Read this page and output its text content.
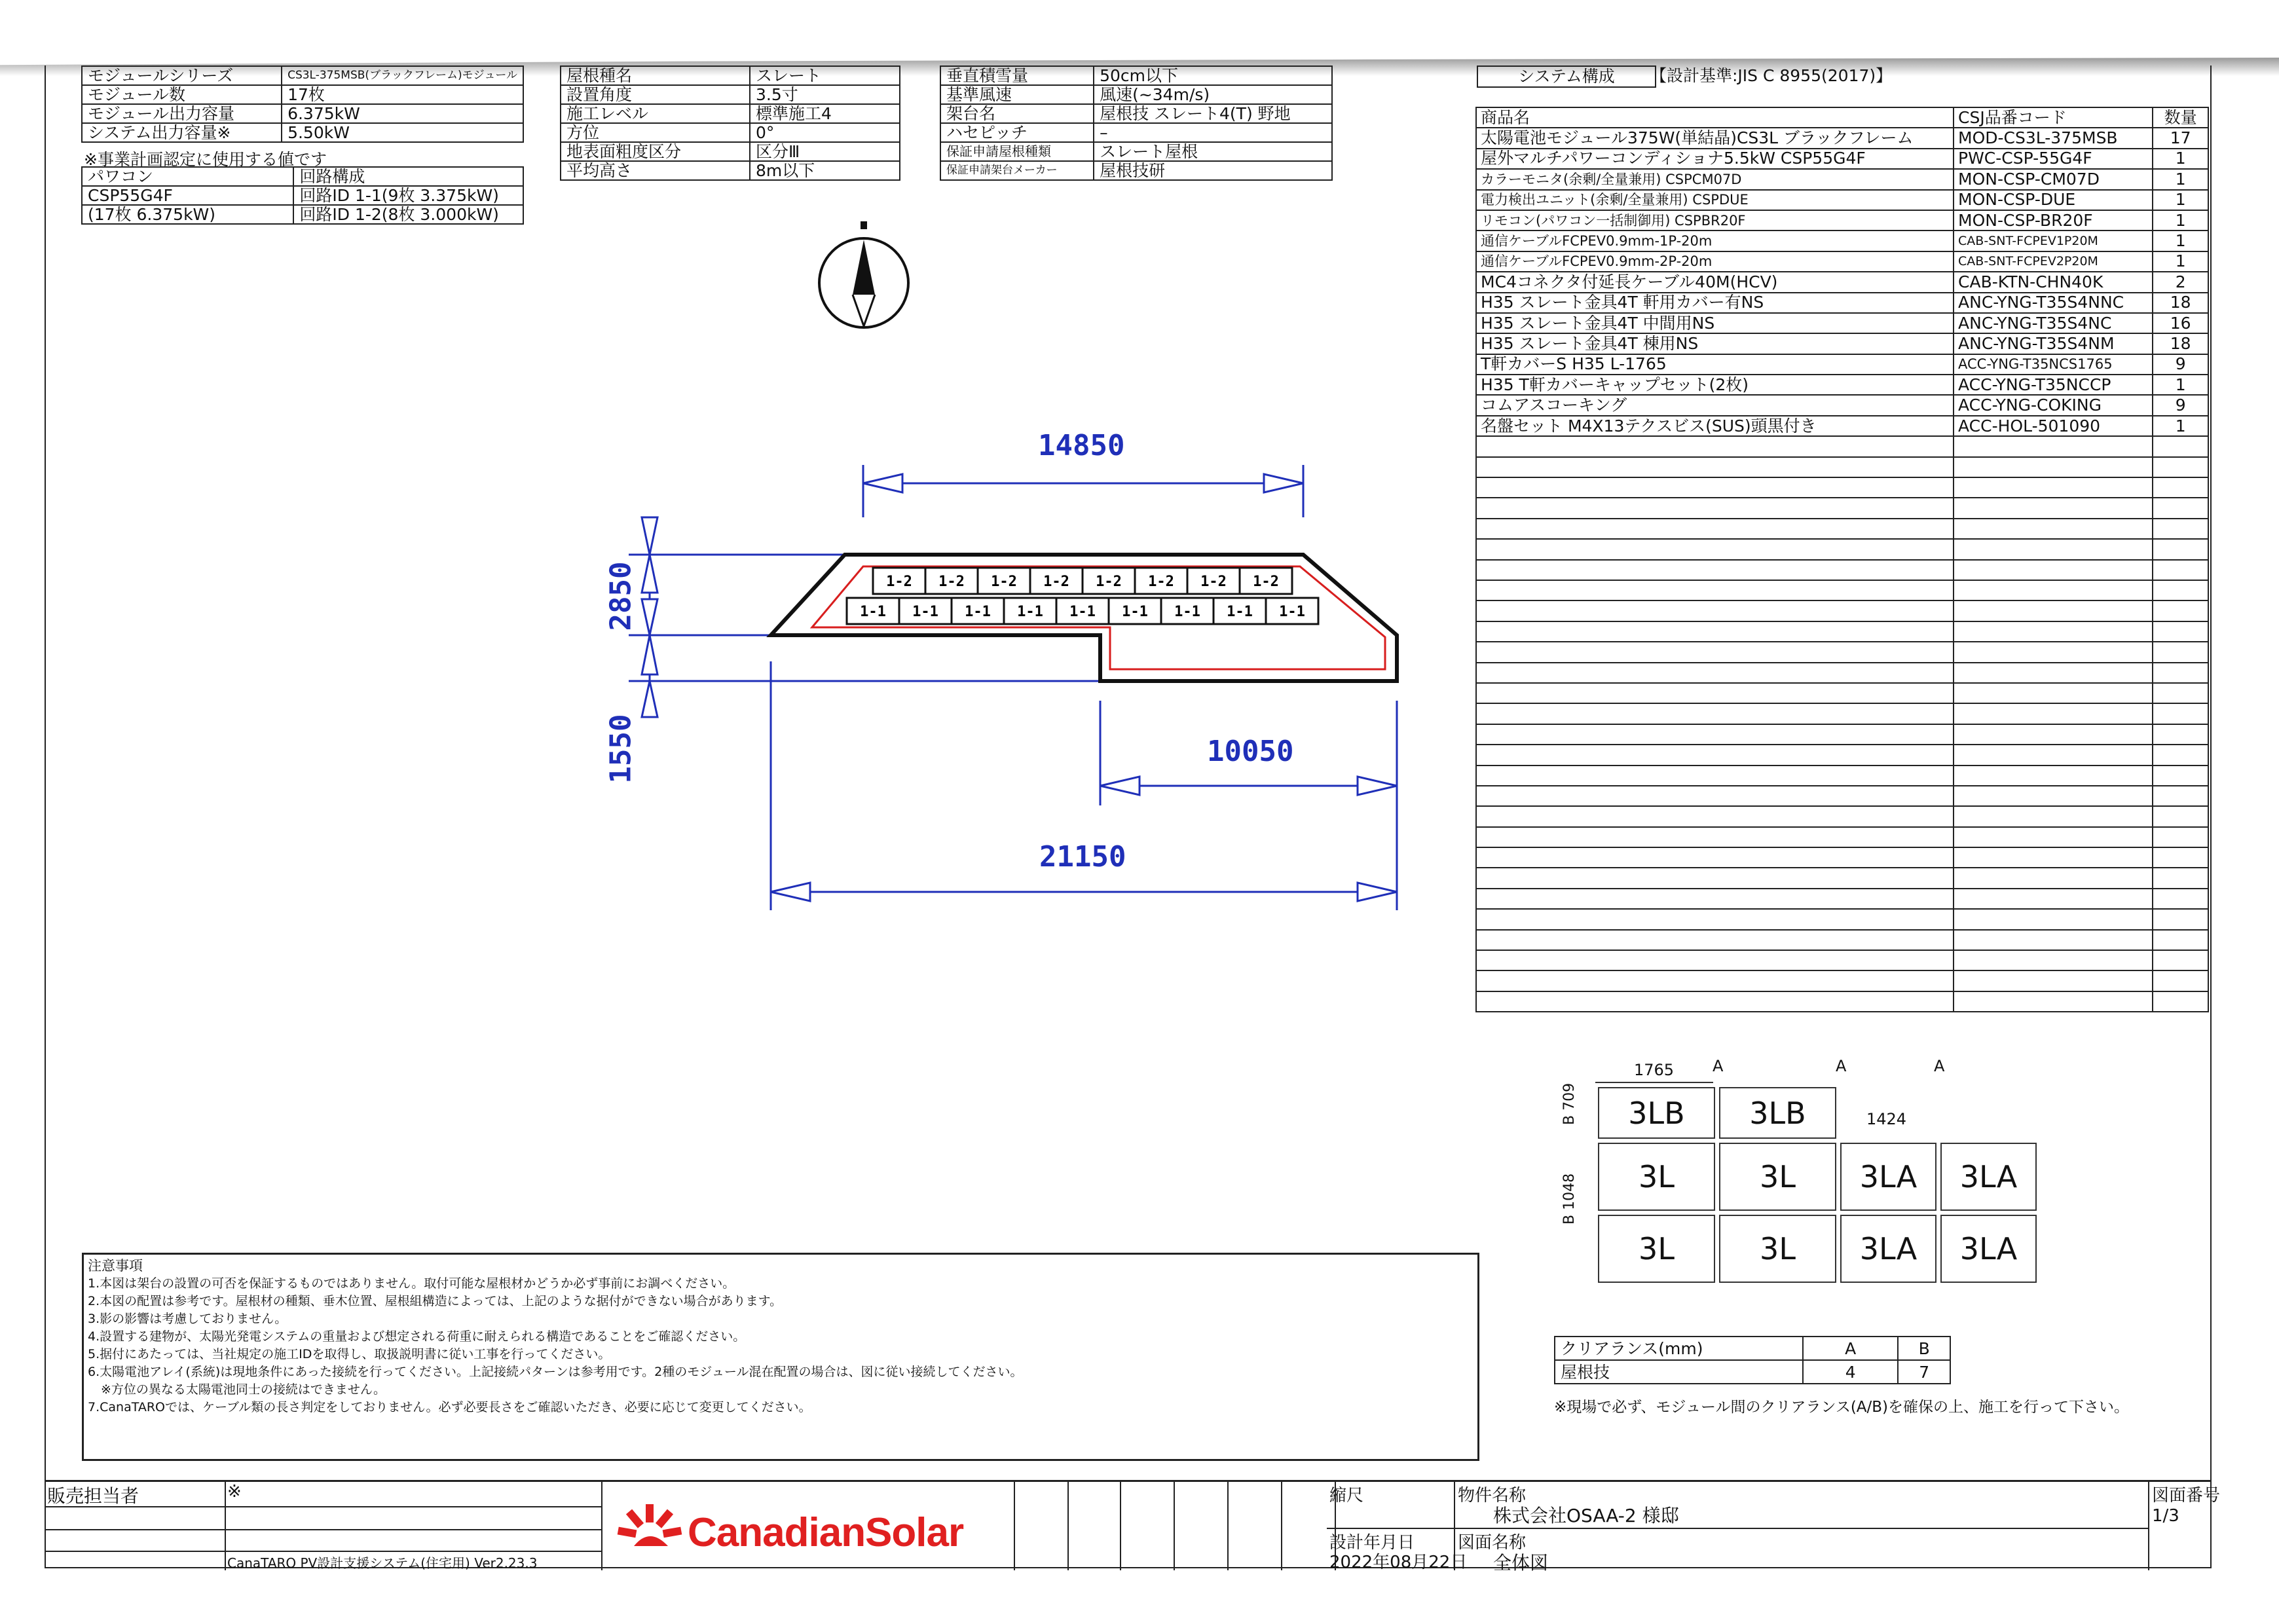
モジュールシリーズ	CS3L-375MSB(ブラックフレーム)モジュール
モジュール数	17枚
モジュール出力容量	6.375kW
システム出力容量※	5.50kW
※事業計画認定に使用する値です
パワコン	回路構成
CSP55G4F	回路ID 1-1(9枚 3.375kW)
(17枚 6.375kW)	回路ID 1-2(8枚 3.000kW)
屋根種名	スレート
設置角度	3.5寸
施工レベル	標準施工4
方位	0°
地表面粗度区分	区分Ⅲ
平均高さ	8m以下
垂直積雪量	50cm以下
基準風速	風速(~34m/s)
架台名	屋根技 スレート4(T) 野地
ハセピッチ	–
保証申請屋根種類	スレート屋根
保証申請架台メーカー	屋根技研
システム構成	【設計基準:JIS C 8955(2017)】
商品名	CSJ品番コード	数量
太陽電池モジュール375W(単結晶)CS3L ブラックフレーム	MOD-CS3L-375MSB	17
屋外マルチパワーコンディショナ5.5kW CSP55G4F	PWC-CSP-55G4F	1
カラーモニタ(余剰/全量兼用) CSPCM07D	MON-CSP-CM07D	1
電力検出ユニット(余剰/全量兼用) CSPDUE	MON-CSP-DUE	1
リモコン(パワコン一括制御用) CSPBR20F	MON-CSP-BR20F	1
通信ケーブルFCPEV0.9mm-1P-20m	CAB-SNT-FCPEV1P20M	1
通信ケーブルFCPEV0.9mm-2P-20m	CAB-SNT-FCPEV2P20M	1
MC4コネクタ付延長ケーブル40M(HCV)	CAB-KTN-CHN40K	2
H35 スレート金具4T 軒用カバー有NS	ANC-YNG-T35S4NNC	18
H35 スレート金具4T 中間用NS	ANC-YNG-T35S4NC	16
H35 スレート金具4T 棟用NS	ANC-YNG-T35S4NM	18
T軒カバーS H35 L-1765	ACC-YNG-T35NCS1765	9
H35 T軒カバーキャップセット(2枚)	ACC-YNG-T35NCCP	1
コムアスコーキング	ACC-YNG-COKING	9
名盤セット M4X13テクスビス(SUS)頭黒付き	ACC-HOL-501090	1

1-2 1-2 1-2 1-2 1-2 1-2 1-2 1-2
1-1 1-1 1-1 1-1 1-1 1-1 1-1 1-1 1-1
14850
2850
1550	10050
21150
1765 A	A	A
1424
B 709
B 1048
3LB	3LB
3L	3L	3LA	3LA
3L	3L	3LA	3LA
クリアランス(mm)	A	B
屋根技	4	7
※現場で必ず、モジュール間のクリアランス(A/B)を確保の上、施工を行って下さい。
注意事項
1.本図は架台の設置の可否を保証するものではありません。取付可能な屋根材かどうか必ず事前にお調べください。
2.本図の配置は参考です。屋根材の種類、垂木位置、屋根組構造によっては、上記のような据付ができない場合があります。
3.影の影響は考慮しておりません。
4.設置する建物が、太陽光発電システムの重量および想定される荷重に耐えられる構造であることをご確認ください。
5.据付にあたっては、当社規定の施工IDを取得し、取扱説明書に従い工事を行ってください。
6.太陽電池アレイ(系統)は現地条件にあった接続を行ってください。上記接続パターンは参考用です。2種のモジュール混在配置の場合は、図に従い接続してください。
※方位の異なる太陽電池同士の接続はできません。
7.CanaTAROでは、ケーブル類の長さ判定をしておりません。必ず必要長さをご確認いただき、必要に応じて変更してください。
販売担当者	※
CanaTARO PV設計支援システム(住宅用) Ver2.23.3
CanadianSolar
縮尺
設計年月日
2022年08月22日
物件名称
株式会社OSAA-2 様邸
図面名称
全体図
図面番号
1/3
